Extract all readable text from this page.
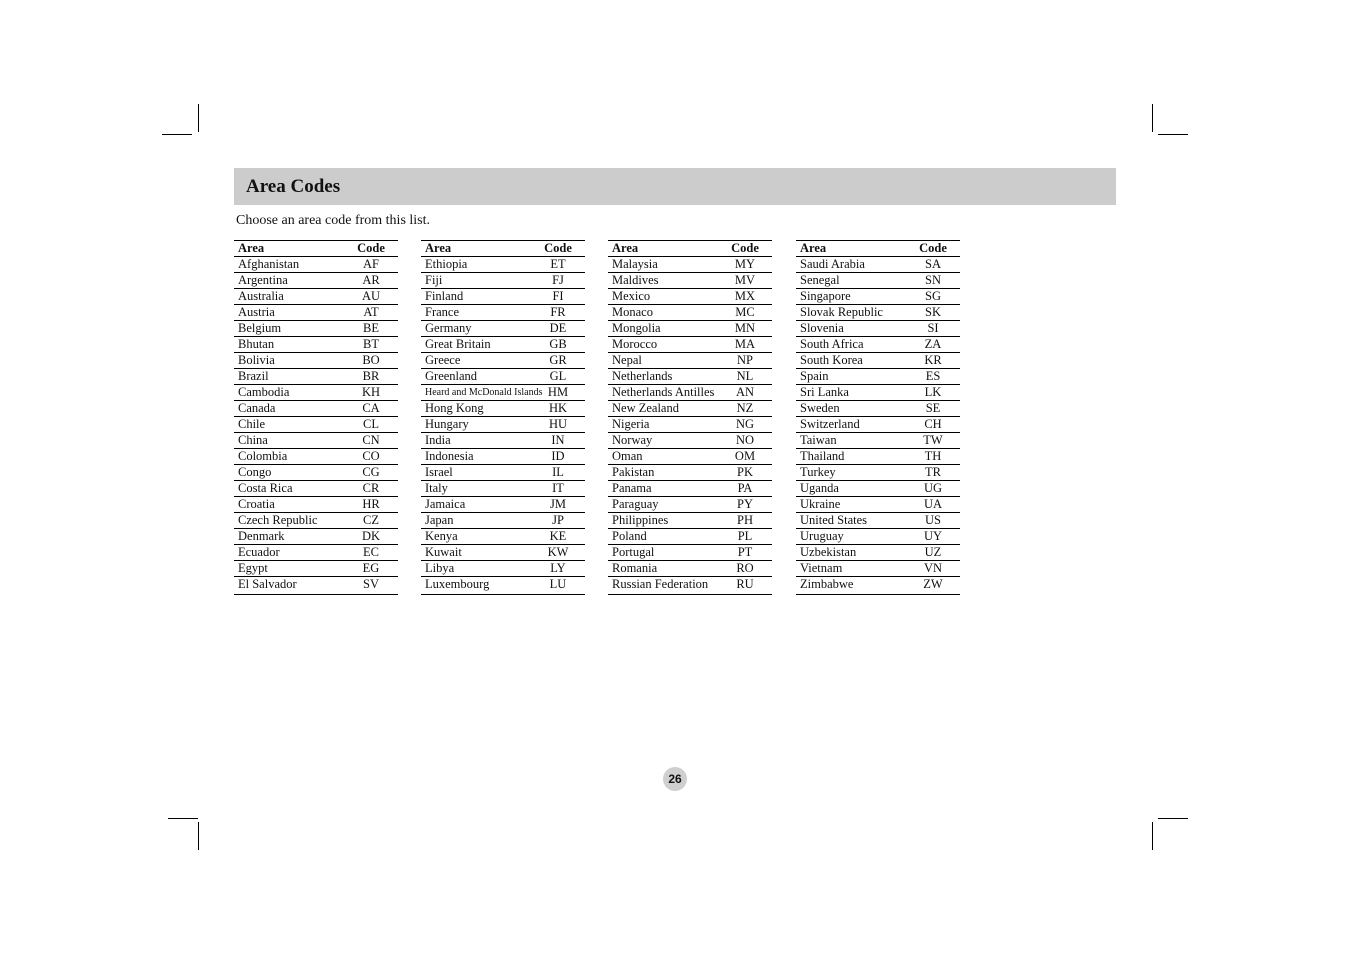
Area Codes
Choose an area code from this list.
Area	Code
Afghanistan	AF
Argentina	AR
Australia	AU
Austria	AT
Belgium	BE
Bhutan	BT
Bolivia	BO
Brazil	BR
Cambodia	KH
Canada	CA
Chile	CL
China	CN
Colombia	CO
Congo	CG
Costa Rica	CR
Croatia	HR
Czech Republic	CZ
Denmark	DK
Ecuador	EC
Egypt	EG
El Salvador	SV
Area	Code
Ethiopia	ET
Fiji	FJ
Finland	FI
France	FR
Germany	DE
Great Britain	GB
Greece	GR
Greenland	GL
Heard and McDonald Islands HM
Hong Kong	HK
Hungary	HU
India	IN
Indonesia	ID
Israel	IL
Italy	IT
Jamaica	JM
Japan	JP
Kenya	KE
Kuwait	KW
Libya	LY
Luxembourg	LU
Area	Code
Malaysia	MY
Maldives	MV
Mexico	MX
Monaco	MC
Mongolia	MN
Morocco	MA
Nepal	NP
Netherlands	NL
Netherlands Antilles	AN
New Zealand	NZ
Nigeria	NG
Norway	NO
Oman	OM
Pakistan	PK
Panama	PA
Paraguay	PY
Philippines	PH
Poland	PL
Portugal	PT
Romania	RO
Russian Federation	RU
Area	Code
Saudi Arabia	SA
Senegal	SN
Singapore	SG
Slovak Republic	SK
Slovenia	SI
South Africa	ZA
South Korea	KR
Spain	ES
Sri Lanka	LK
Sweden	SE
Switzerland	CH
Taiwan	TW
Thailand	TH
Turkey	TR
Uganda	UG
Ukraine	UA
United States	US
Uruguay	UY
Uzbekistan	UZ
Vietnam	VN
Zimbabwe	ZW
26
